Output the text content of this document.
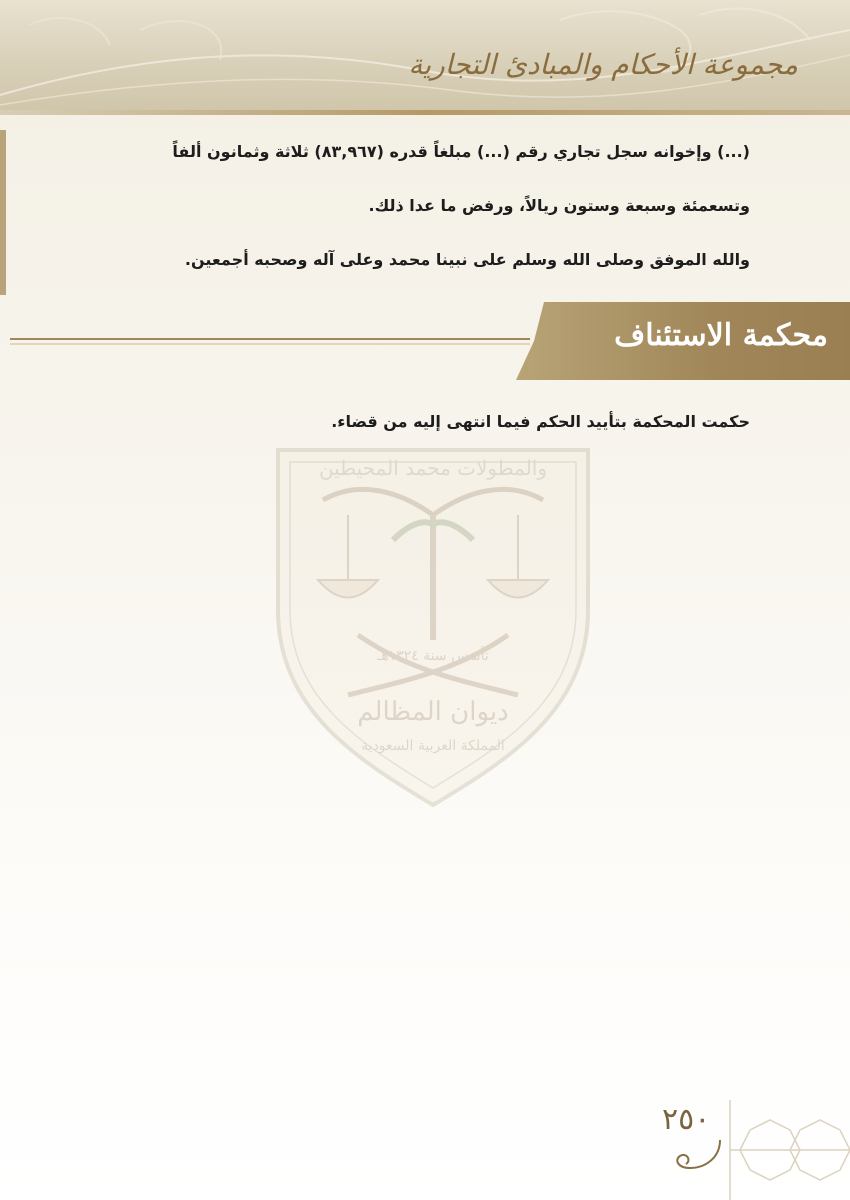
مجموعة الأحكام والمبادئ التجارية
(...) وإخوانه سجل تجاري رقم (...) مبلغاً قدره (٨٣,٩٦٧) ثلاثة وثمانون ألفاً
وتسعمئة وسبعة وستون ريالاً، ورفض ما عدا ذلك.
والله الموفق وصلى الله وسلم على نبينا محمد وعلى آله وصحبه أجمعين.
محكمة الاستئناف
حكمت المحكمة بتأييد الحكم فيما انتهى إليه من قضاء.
والمطولات محمد المحيطين
تأسس سنة ١٣٢٤هـ
ديوان المظالم
المملكة العربية السعودية
٢٥٠
